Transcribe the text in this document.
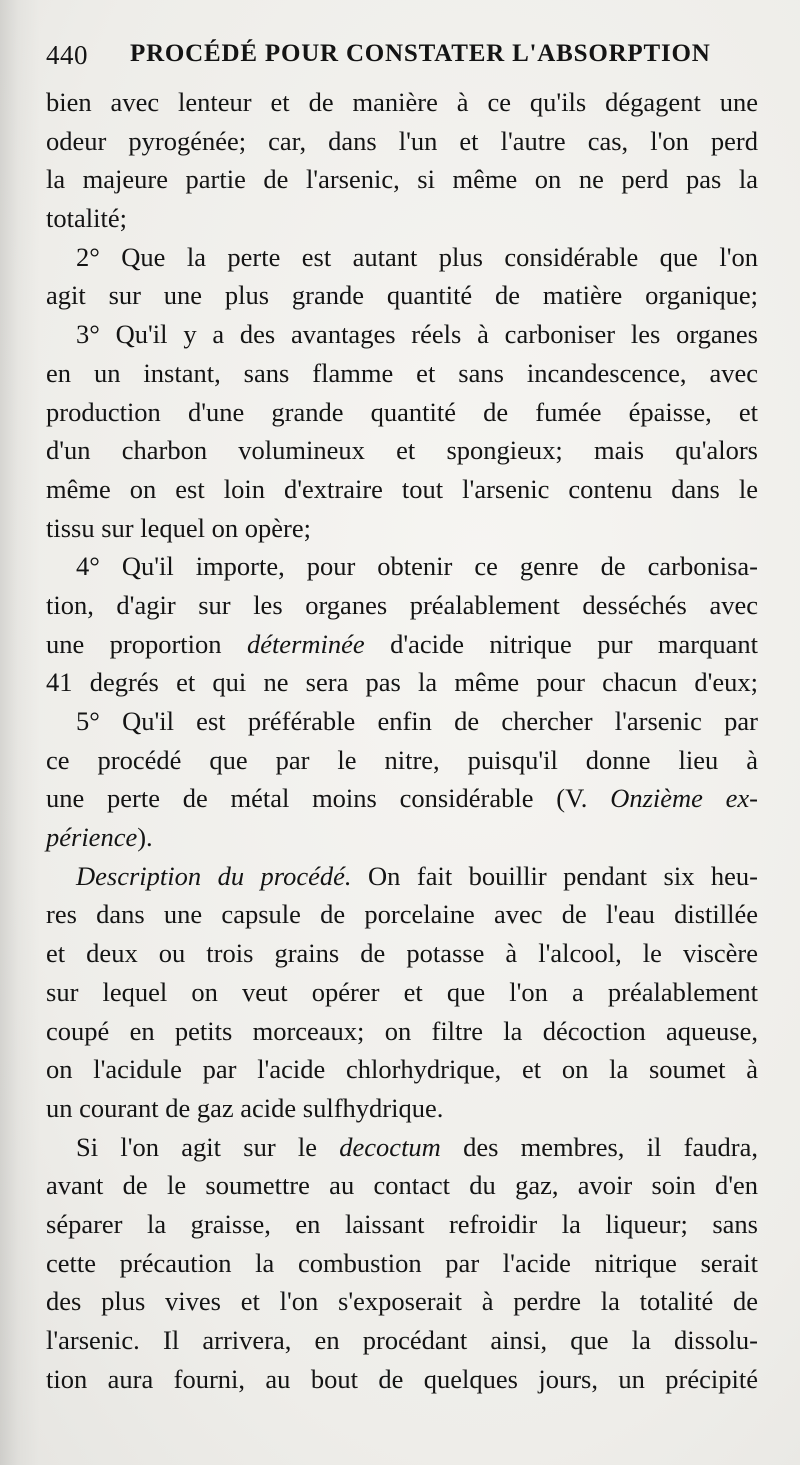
440 PROCÉDÉ POUR CONSTATER L'ABSORPTION
bien avec lenteur et de manière à ce qu'ils dégagent une
odeur pyrogénée; car, dans l'un et l'autre cas, l'on perd
la majeure partie de l'arsenic, si même on ne perd pas la
totalité;
2° Que la perte est autant plus considérable que l'on
agit sur une plus grande quantité de matière organique;
3° Qu'il y a des avantages réels à carboniser les organes
en un instant, sans flamme et sans incandescence, avec
production d'une grande quantité de fumée épaisse, et
d'un charbon volumineux et spongieux; mais qu'alors
même on est loin d'extraire tout l'arsenic contenu dans le
tissu sur lequel on opère;
4° Qu'il importe, pour obtenir ce genre de carbonisa-
tion, d'agir sur les organes préalablement desséchés avec
une proportion déterminée d'acide nitrique pur marquant
41 degrés et qui ne sera pas la même pour chacun d'eux;
5° Qu'il est préférable enfin de chercher l'arsenic par
ce procédé que par le nitre, puisqu'il donne lieu à
une perte de métal moins considérable (V. Onzième ex-
périence).
Description du procédé. On fait bouillir pendant six heu-
res dans une capsule de porcelaine avec de l'eau distillée
et deux ou trois grains de potasse à l'alcool, le viscère
sur lequel on veut opérer et que l'on a préalablement
coupé en petits morceaux; on filtre la décoction aqueuse,
on l'acidule par l'acide chlorhydrique, et on la soumet à
un courant de gaz acide sulfhydrique.
Si l'on agit sur le decoctum des membres, il faudra,
avant de le soumettre au contact du gaz, avoir soin d'en
séparer la graisse, en laissant refroidir la liqueur; sans
cette précaution la combustion par l'acide nitrique serait
des plus vives et l'on s'exposerait à perdre la totalité de
l'arsenic. Il arrivera, en procédant ainsi, que la dissolu-
tion aura fourni, au bout de quelques jours, un précipité
